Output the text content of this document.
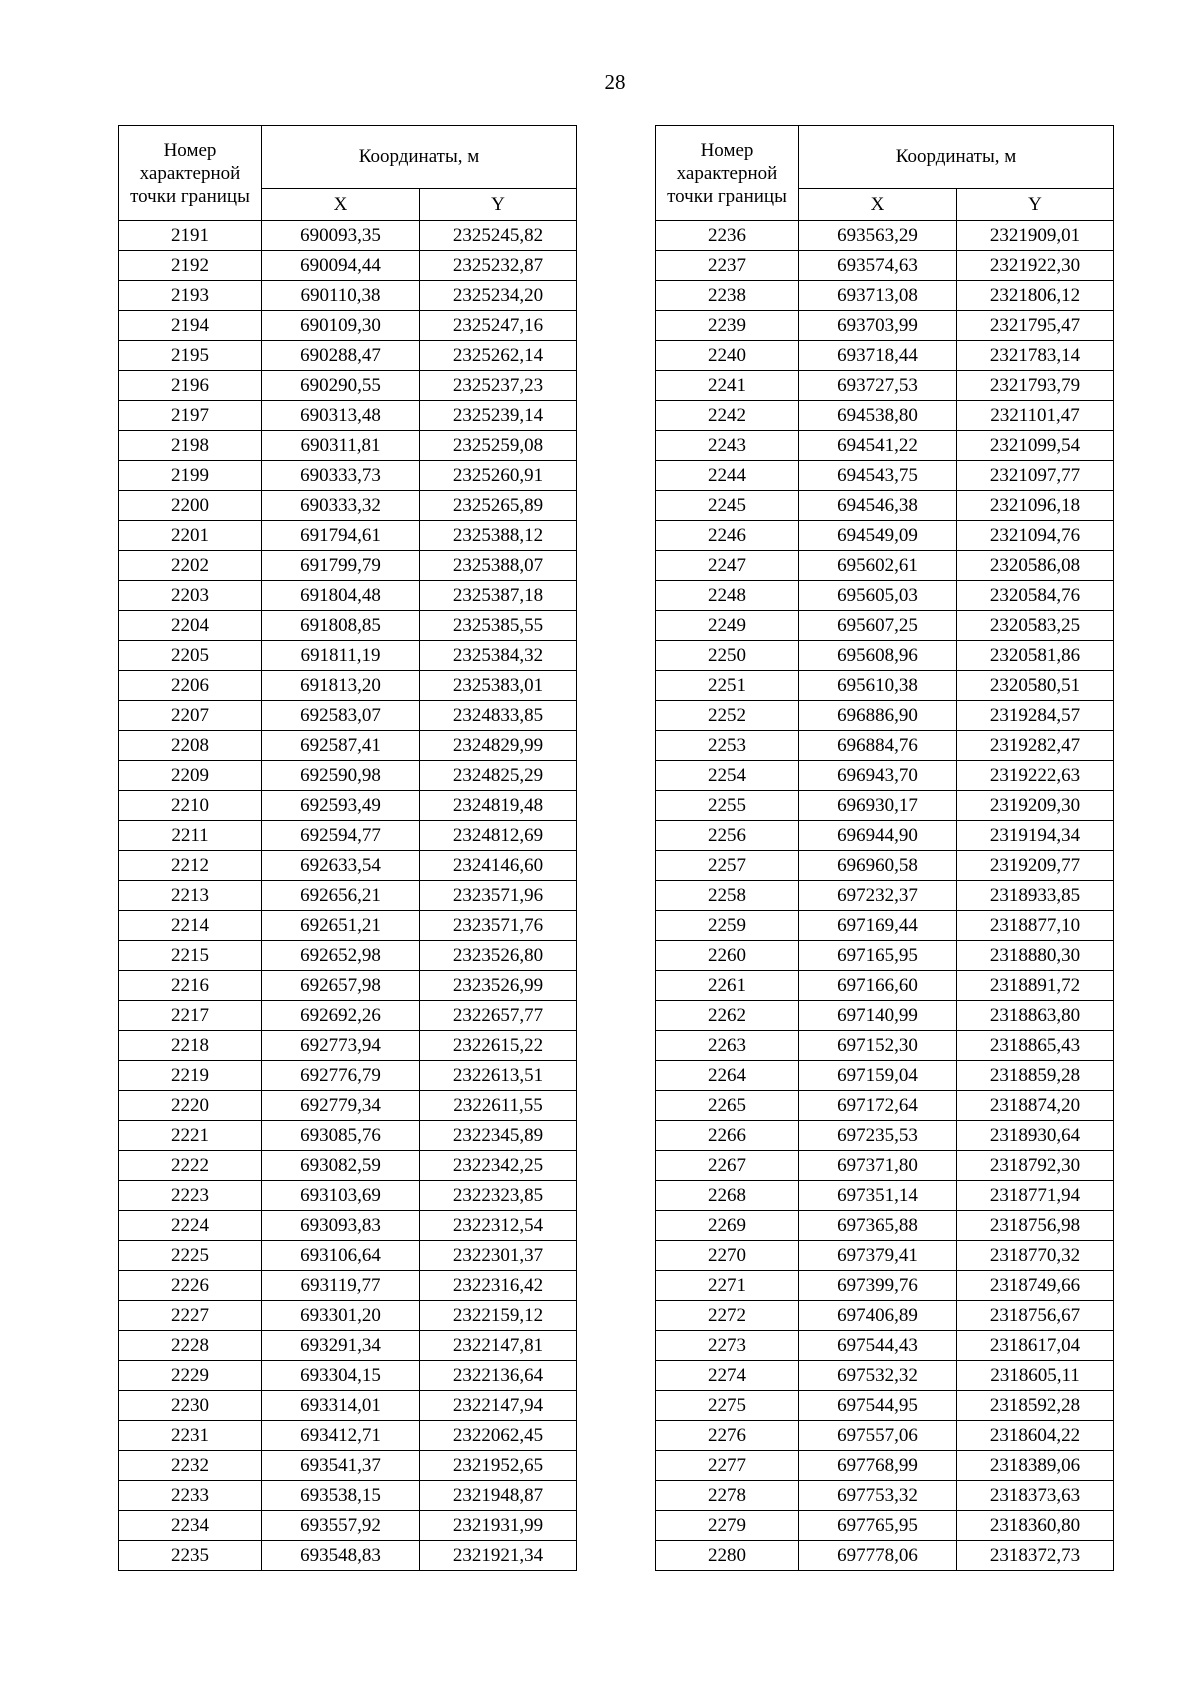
28
Номер характерной точки границы	Координаты, м	
	X	Y
2191	690093,35	2325245,82
2192	690094,44	2325232,87
2193	690110,38	2325234,20
2194	690109,30	2325247,16
2195	690288,47	2325262,14
2196	690290,55	2325237,23
2197	690313,48	2325239,14
2198	690311,81	2325259,08
2199	690333,73	2325260,91
2200	690333,32	2325265,89
2201	691794,61	2325388,12
2202	691799,79	2325388,07
2203	691804,48	2325387,18
2204	691808,85	2325385,55
2205	691811,19	2325384,32
2206	691813,20	2325383,01
2207	692583,07	2324833,85
2208	692587,41	2324829,99
2209	692590,98	2324825,29
2210	692593,49	2324819,48
2211	692594,77	2324812,69
2212	692633,54	2324146,60
2213	692656,21	2323571,96
2214	692651,21	2323571,76
2215	692652,98	2323526,80
2216	692657,98	2323526,99
2217	692692,26	2322657,77
2218	692773,94	2322615,22
2219	692776,79	2322613,51
2220	692779,34	2322611,55
2221	693085,76	2322345,89
2222	693082,59	2322342,25
2223	693103,69	2322323,85
2224	693093,83	2322312,54
2225	693106,64	2322301,37
2226	693119,77	2322316,42
2227	693301,20	2322159,12
2228	693291,34	2322147,81
2229	693304,15	2322136,64
2230	693314,01	2322147,94
2231	693412,71	2322062,45
2232	693541,37	2321952,65
2233	693538,15	2321948,87
2234	693557,92	2321931,99
2235	693548,83	2321921,34
Номер характерной точки границы	Координаты, м	
	X	Y
2236	693563,29	2321909,01
2237	693574,63	2321922,30
2238	693713,08	2321806,12
2239	693703,99	2321795,47
2240	693718,44	2321783,14
2241	693727,53	2321793,79
2242	694538,80	2321101,47
2243	694541,22	2321099,54
2244	694543,75	2321097,77
2245	694546,38	2321096,18
2246	694549,09	2321094,76
2247	695602,61	2320586,08
2248	695605,03	2320584,76
2249	695607,25	2320583,25
2250	695608,96	2320581,86
2251	695610,38	2320580,51
2252	696886,90	2319284,57
2253	696884,76	2319282,47
2254	696943,70	2319222,63
2255	696930,17	2319209,30
2256	696944,90	2319194,34
2257	696960,58	2319209,77
2258	697232,37	2318933,85
2259	697169,44	2318877,10
2260	697165,95	2318880,30
2261	697166,60	2318891,72
2262	697140,99	2318863,80
2263	697152,30	2318865,43
2264	697159,04	2318859,28
2265	697172,64	2318874,20
2266	697235,53	2318930,64
2267	697371,80	2318792,30
2268	697351,14	2318771,94
2269	697365,88	2318756,98
2270	697379,41	2318770,32
2271	697399,76	2318749,66
2272	697406,89	2318756,67
2273	697544,43	2318617,04
2274	697532,32	2318605,11
2275	697544,95	2318592,28
2276	697557,06	2318604,22
2277	697768,99	2318389,06
2278	697753,32	2318373,63
2279	697765,95	2318360,80
2280	697778,06	2318372,73
